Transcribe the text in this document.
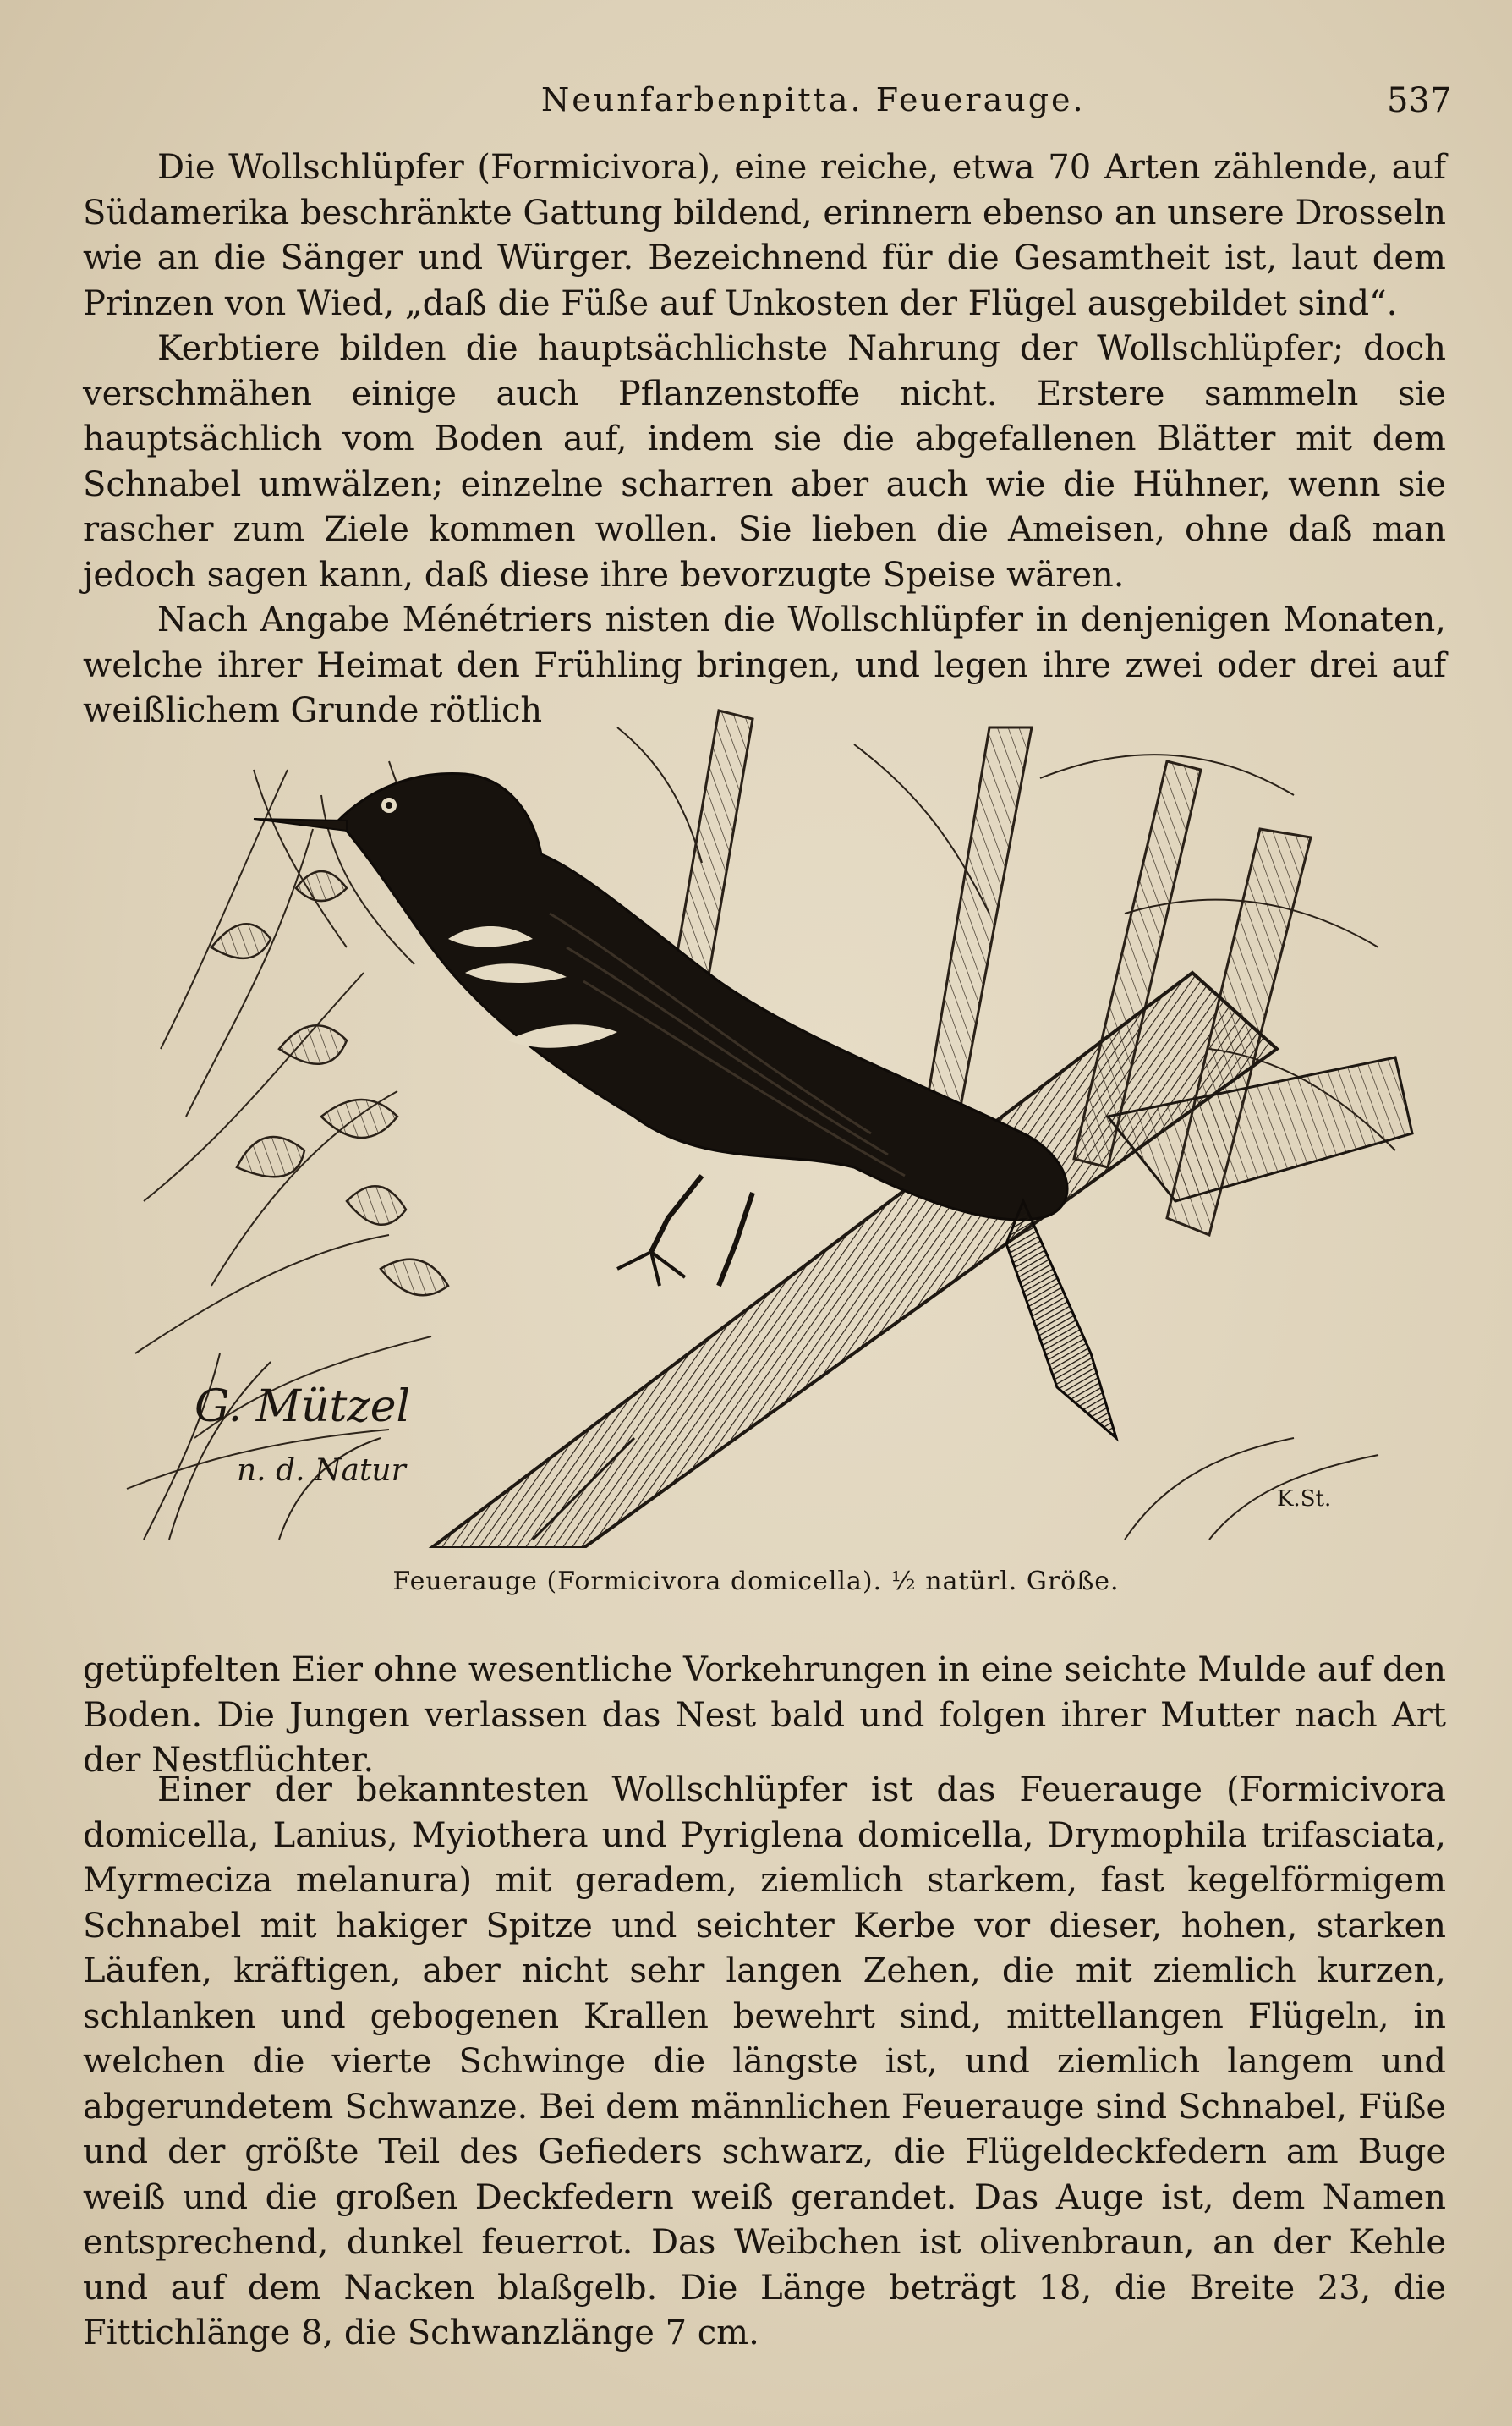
Neunfarbenpitta. Feuerauge.	537

Die Wollschlüpfer (Formicivora), eine reiche, etwa 70 Arten zählende, auf Südamerika beschränkte Gattung bildend, erinnern ebenso an unsere Drosseln wie an die Sänger und Würger. Bezeichnend für die Gesamtheit ist, laut dem Prinzen von Wied, „daß die Füße auf Unkosten der Flügel ausgebildet sind“.

Kerbtiere bilden die hauptsächlichste Nahrung der Wollschlüpfer; doch verschmähen einige auch Pflanzenstoffe nicht. Erstere sammeln sie hauptsächlich vom Boden auf, indem sie die abgefallenen Blätter mit dem Schnabel umwälzen; einzelne scharren aber auch wie die Hühner, wenn sie rascher zum Ziele kommen wollen. Sie lieben die Ameisen, ohne daß man jedoch sagen kann, daß diese ihre bevorzugte Speise wären.

Nach Angabe Ménétriers nisten die Wollschlüpfer in denjenigen Monaten, welche ihrer Heimat den Frühling bringen, und legen ihre zwei oder drei auf weißlichem Grunde rötlich

G. Mützel
n. d. Natur
K.St.
Feuerauge (Formicivora domicella). ½ natürl. Größe.

getüpfelten Eier ohne wesentliche Vorkehrungen in eine seichte Mulde auf den Boden. Die Jungen verlassen das Nest bald und folgen ihrer Mutter nach Art der Nestflüchter.

Einer der bekanntesten Wollschlüpfer ist das Feuerauge (Formicivora domicella, Lanius, Myiothera und Pyriglena domicella, Drymophila trifasciata, Myrmeciza melanura) mit geradem, ziemlich starkem, fast kegelförmigem Schnabel mit hakiger Spitze und seichter Kerbe vor dieser, hohen, starken Läufen, kräftigen, aber nicht sehr langen Zehen, die mit ziemlich kurzen, schlanken und gebogenen Krallen bewehrt sind, mittellangen Flügeln, in welchen die vierte Schwinge die längste ist, und ziemlich langem und abgerundetem Schwanze. Bei dem männlichen Feuerauge sind Schnabel, Füße und der größte Teil des Gefieders schwarz, die Flügeldeckfedern am Buge weiß und die großen Deckfedern weiß gerandet. Das Auge ist, dem Namen entsprechend, dunkel feuerrot. Das Weibchen ist olivenbraun, an der Kehle und auf dem Nacken blaßgelb. Die Länge beträgt 18, die Breite 23, die Fittichlänge 8, die Schwanzlänge 7 cm.
